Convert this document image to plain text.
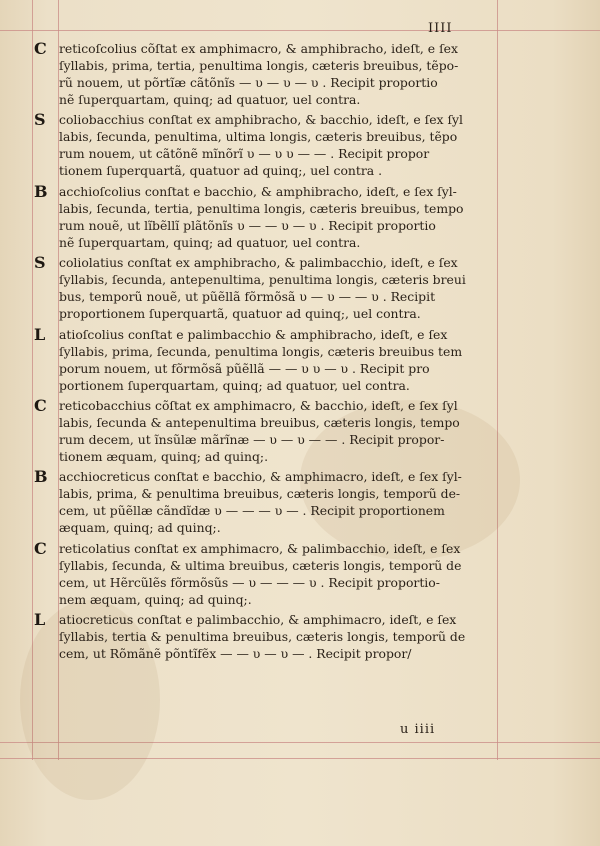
IIII
C reticoſcolius cõſtat ex amphimacro, & amphibracho, ideſt, e ſex
ſyllabis, prima, tertia, penultima longis, cæteris breuibus, tẽpo-
rũ nouem, ut põrtĩæ cãtõnĩs — υ — υ — υ . Recipit proportio
nẽ ſuperquartam, quinq; ad quatuor, uel contra.
S coliobacchius conſtat ex amphibracho, & bacchio, ideſt, e ſex ſyl
labis, ſecunda, penultima, ultima longis, cæteris breuibus, tẽpo
rum nouem, ut cãtõnẽ mĩnõrĩ υ — υ υ — — . Recipit propor
tionem ſuperquartã, quatuor ad quinq;, uel contra .
B acchioſcolius conſtat e bacchio, & amphibracho, ideſt, e ſex ſyl-
labis, ſecunda, tertia, penultima longis, cæteris breuibus, tempo
rum nouẽ, ut lĩbẽllĩ plãtõnĩs υ — — υ — υ . Recipit proportio
nẽ ſuperquartam, quinq; ad quatuor, uel contra.
S coliolatius conſtat ex amphibracho, & palimbacchio, ideſt, e ſex
ſyllabis, ſecunda, antepenultima, penultima longis, cæteris breui
bus, temporũ nouẽ, ut pũẽllã fõrmõsã υ — υ — — υ . Recipit
proportionem ſuperquartã, quatuor ad quinq;, uel contra.
L atioſcolius conſtat e palimbacchio & amphibracho, ideſt, e ſex
ſyllabis, prima, ſecunda, penultima longis, cæteris breuibus tem
porum nouem, ut fõrmõsã pũẽllã — — υ υ — υ . Recipit pro
portionem ſuperquartam, quinq; ad quatuor, uel contra.
C reticobacchius cõſtat ex amphimacro, & bacchio, ideſt, e ſex ſyl
labis, ſecunda & antepenultima breuibus, cæteris longis, tempo
rum decem, ut ĩnsũlæ mãrĩnæ — υ — υ — — . Recipit propor-
tionem æquam, quinq; ad quinq;.
B acchiocreticus conſtat e bacchio, & amphimacro, ideſt, e ſex ſyl-
labis, prima, & penultima breuibus, cæteris longis, temporũ de-
cem, ut pũẽllæ cãndĩdæ υ — — — υ — . Recipit proportionem
æquam, quinq; ad quinq;.
C reticolatius conſtat ex amphimacro, & palimbacchio, ideſt, e ſex
ſyllabis, ſecunda, & ultima breuibus, cæteris longis, temporũ de
cem, ut Hẽrcũlẽs fõrmõsũs — υ — — — υ . Recipit proportio-
nem æquam, quinq; ad quinq;.
L atiocreticus conſtat e palimbacchio, & amphimacro, ideſt, e ſex
ſyllabis, tertia & penultima breuibus, cæteris longis, temporũ de
cem, ut Rõmãnẽ põntĩfẽx — — υ — υ — . Recipit propor/
u iiii
